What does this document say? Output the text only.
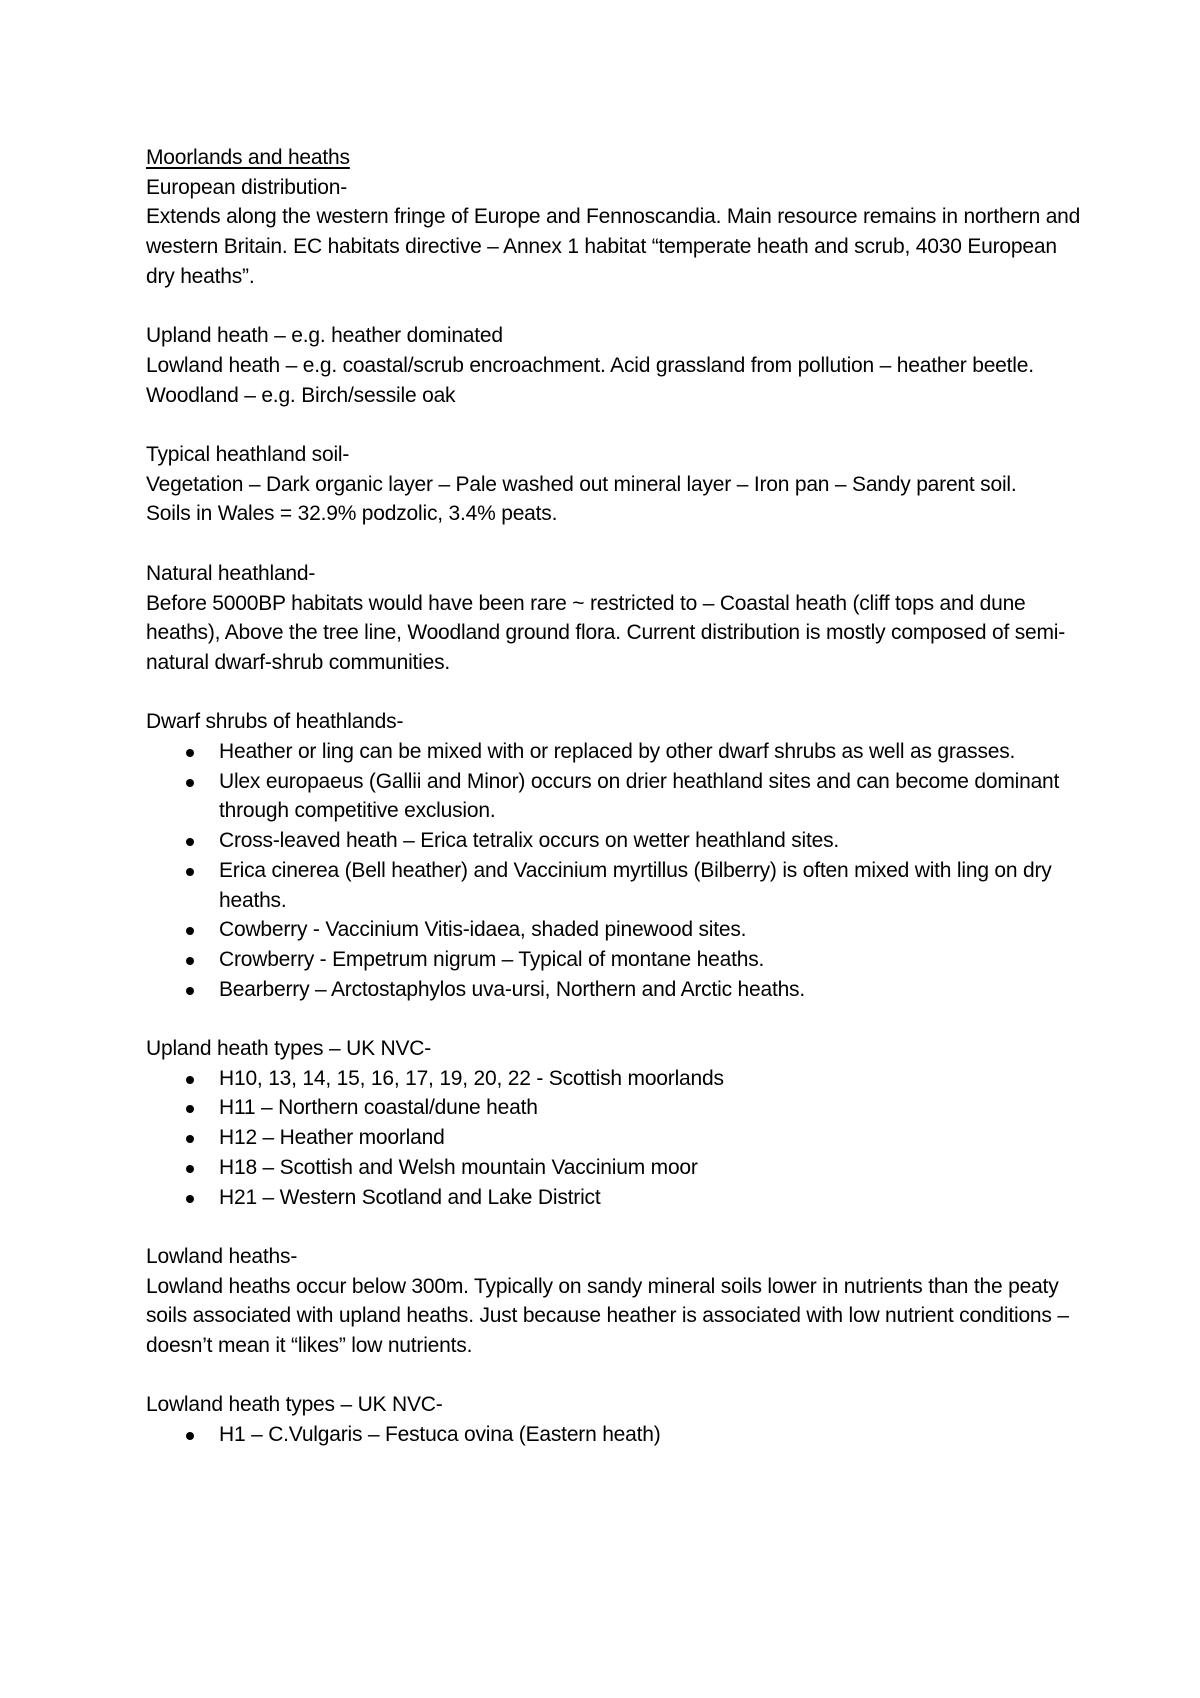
Moorlands and heaths
European distribution-
Extends along the western fringe of Europe and Fennoscandia. Main resource remains in northern and western Britain. EC habitats directive – Annex 1 habitat “temperate heath and scrub, 4030 European dry heaths”.
Upland heath – e.g. heather dominated
Lowland heath – e.g. coastal/scrub encroachment. Acid grassland from pollution – heather beetle.
Woodland – e.g. Birch/sessile oak
Typical heathland soil-
Vegetation – Dark organic layer – Pale washed out mineral layer – Iron pan – Sandy parent soil.
Soils in Wales = 32.9% podzolic, 3.4% peats.
Natural heathland-
Before 5000BP habitats would have been rare ~ restricted to – Coastal heath (cliff tops and dune heaths), Above the tree line, Woodland ground flora. Current distribution is mostly composed of semi-natural dwarf-shrub communities.
Dwarf shrubs of heathlands-
Heather or ling can be mixed with or replaced by other dwarf shrubs as well as grasses.
Ulex europaeus (Gallii and Minor) occurs on drier heathland sites and can become dominant through competitive exclusion.
Cross-leaved heath – Erica tetralix occurs on wetter heathland sites.
Erica cinerea (Bell heather) and Vaccinium myrtillus (Bilberry) is often mixed with ling on dry heaths.
Cowberry - Vaccinium Vitis-idaea, shaded pinewood sites.
Crowberry - Empetrum nigrum – Typical of montane heaths.
Bearberry – Arctostaphylos uva-ursi, Northern and Arctic heaths.
Upland heath types – UK NVC-
H10, 13, 14, 15, 16, 17, 19, 20, 22 - Scottish moorlands
H11 – Northern coastal/dune heath
H12 – Heather moorland
H18 – Scottish and Welsh mountain Vaccinium moor
H21 – Western Scotland and Lake District
Lowland heaths-
Lowland heaths occur below 300m. Typically on sandy mineral soils lower in nutrients than the peaty soils associated with upland heaths. Just because heather is associated with low nutrient conditions – doesn’t mean it “likes” low nutrients.
Lowland heath types – UK NVC-
H1 – C.Vulgaris – Festuca ovina (Eastern heath)
